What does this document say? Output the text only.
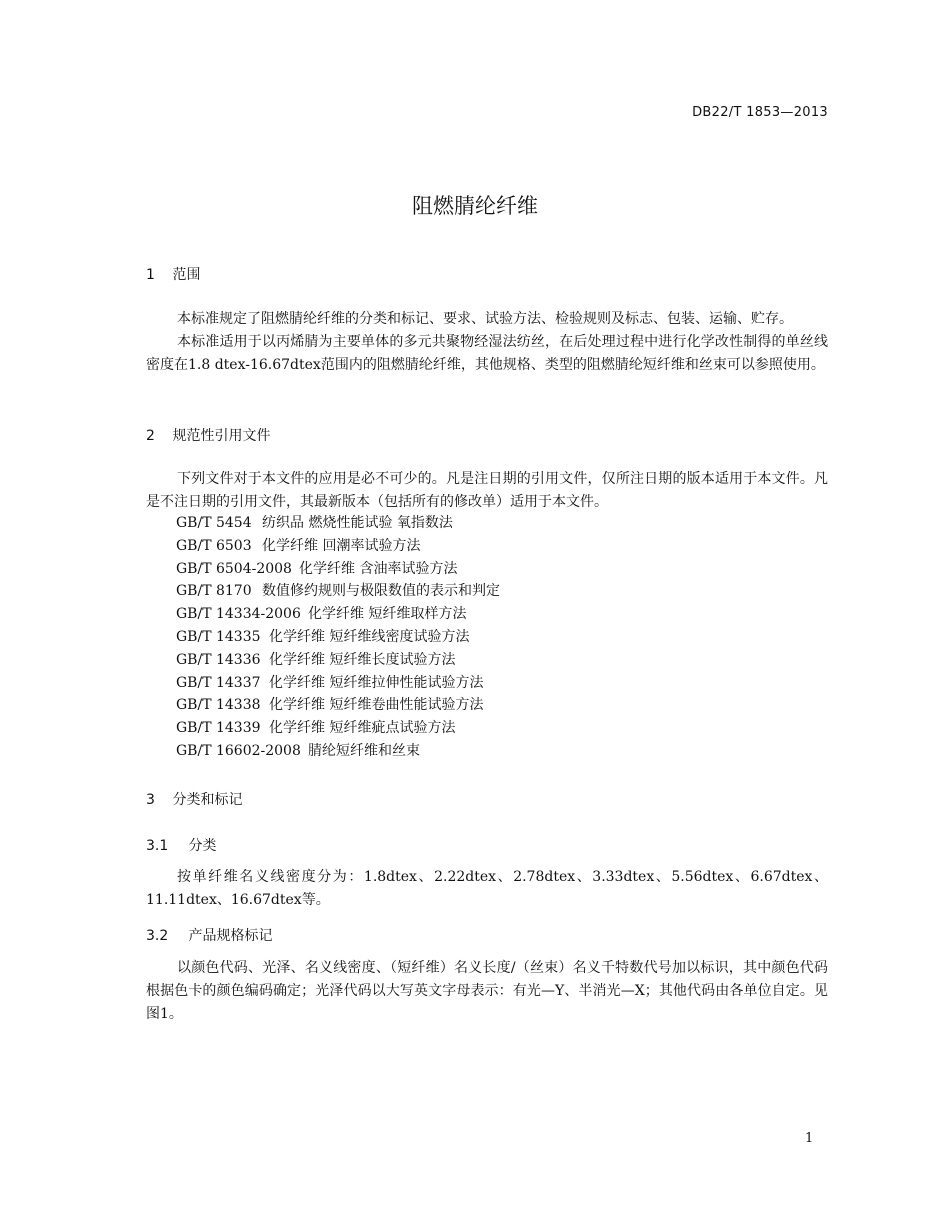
DB22/T 1853—2013
阻燃腈纶纤维
1 范围

本标准规定了阻燃腈纶纤维的分类和标记、要求、试验方法、检验规则及标志、包装、运输、贮存。

本标准适用于以丙烯腈为主要单体的多元共聚物经湿法纺丝，在后处理过程中进行化学改性制得的单丝线密度在1.8 dtex-16.67dtex范围内的阻燃腈纶纤维，其他规格、类型的阻燃腈纶短纤维和丝束可以参照使用。

2 规范性引用文件

下列文件对于本文件的应用是必不可少的。凡是注日期的引用文件，仅所注日期的版本适用于本文件。凡是不注日期的引用文件，其最新版本（包括所有的修改单）适用于本文件。

GB/T 5454 纺织品 燃烧性能试验 氧指数法
GB/T 6503 化学纤维 回潮率试验方法
GB/T 6504-2008 化学纤维 含油率试验方法
GB/T 8170 数值修约规则与极限数值的表示和判定
GB/T 14334-2006 化学纤维 短纤维取样方法
GB/T 14335 化学纤维 短纤维线密度试验方法
GB/T 14336 化学纤维 短纤维长度试验方法
GB/T 14337 化学纤维 短纤维拉伸性能试验方法
GB/T 14338 化学纤维 短纤维卷曲性能试验方法
GB/T 14339 化学纤维 短纤维疵点试验方法
GB/T 16602-2008 腈纶短纤维和丝束
3 分类和标记
3.1 分类

按单纤维名义线密度分为：1.8dtex、2.22dtex、2.78dtex、3.33dtex、5.56dtex、6.67dtex、11.11dtex、16.67dtex等。

3.2 产品规格标记

以颜色代码、光泽、名义线密度、（短纤维）名义长度/（丝束）名义千特数代号加以标识，其中颜色代码根据色卡的颜色编码确定；光泽代码以大写英文字母表示：有光—Y、半消光—X；其他代码由各单位自定。见图1。

1
